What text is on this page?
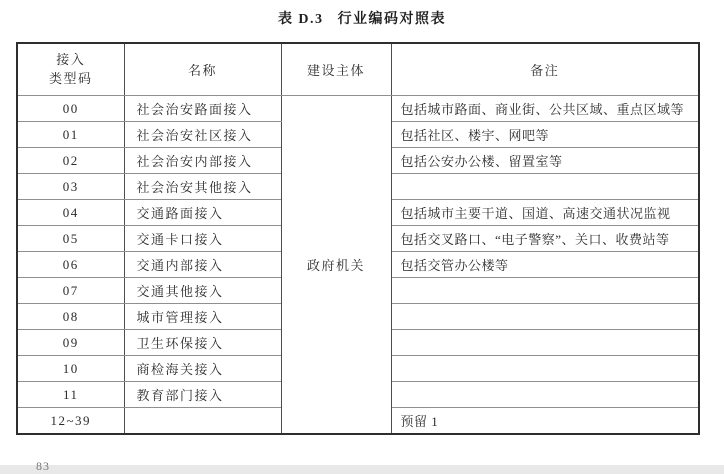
表 D.3 行业编码对照表
接入
类型码	名称	建设主体	备注
00	社会治安路面接入	政府机关	包括城市路面、商业街、公共区域、重点区域等
01	社会治安社区接入		包括社区、楼宇、网吧等
02	社会治安内部接入		包括公安办公楼、留置室等
03	社会治安其他接入		
04	交通路面接入		包括城市主要干道、国道、高速交通状况监视
05	交通卡口接入		包括交叉路口、“电子警察”、关口、收费站等
06	交通内部接入		包括交管办公楼等
07	交通其他接入		
08	城市管理接入		
09	卫生环保接入		
10	商检海关接入		
11	教育部门接入		
12~39			预留 1
83
